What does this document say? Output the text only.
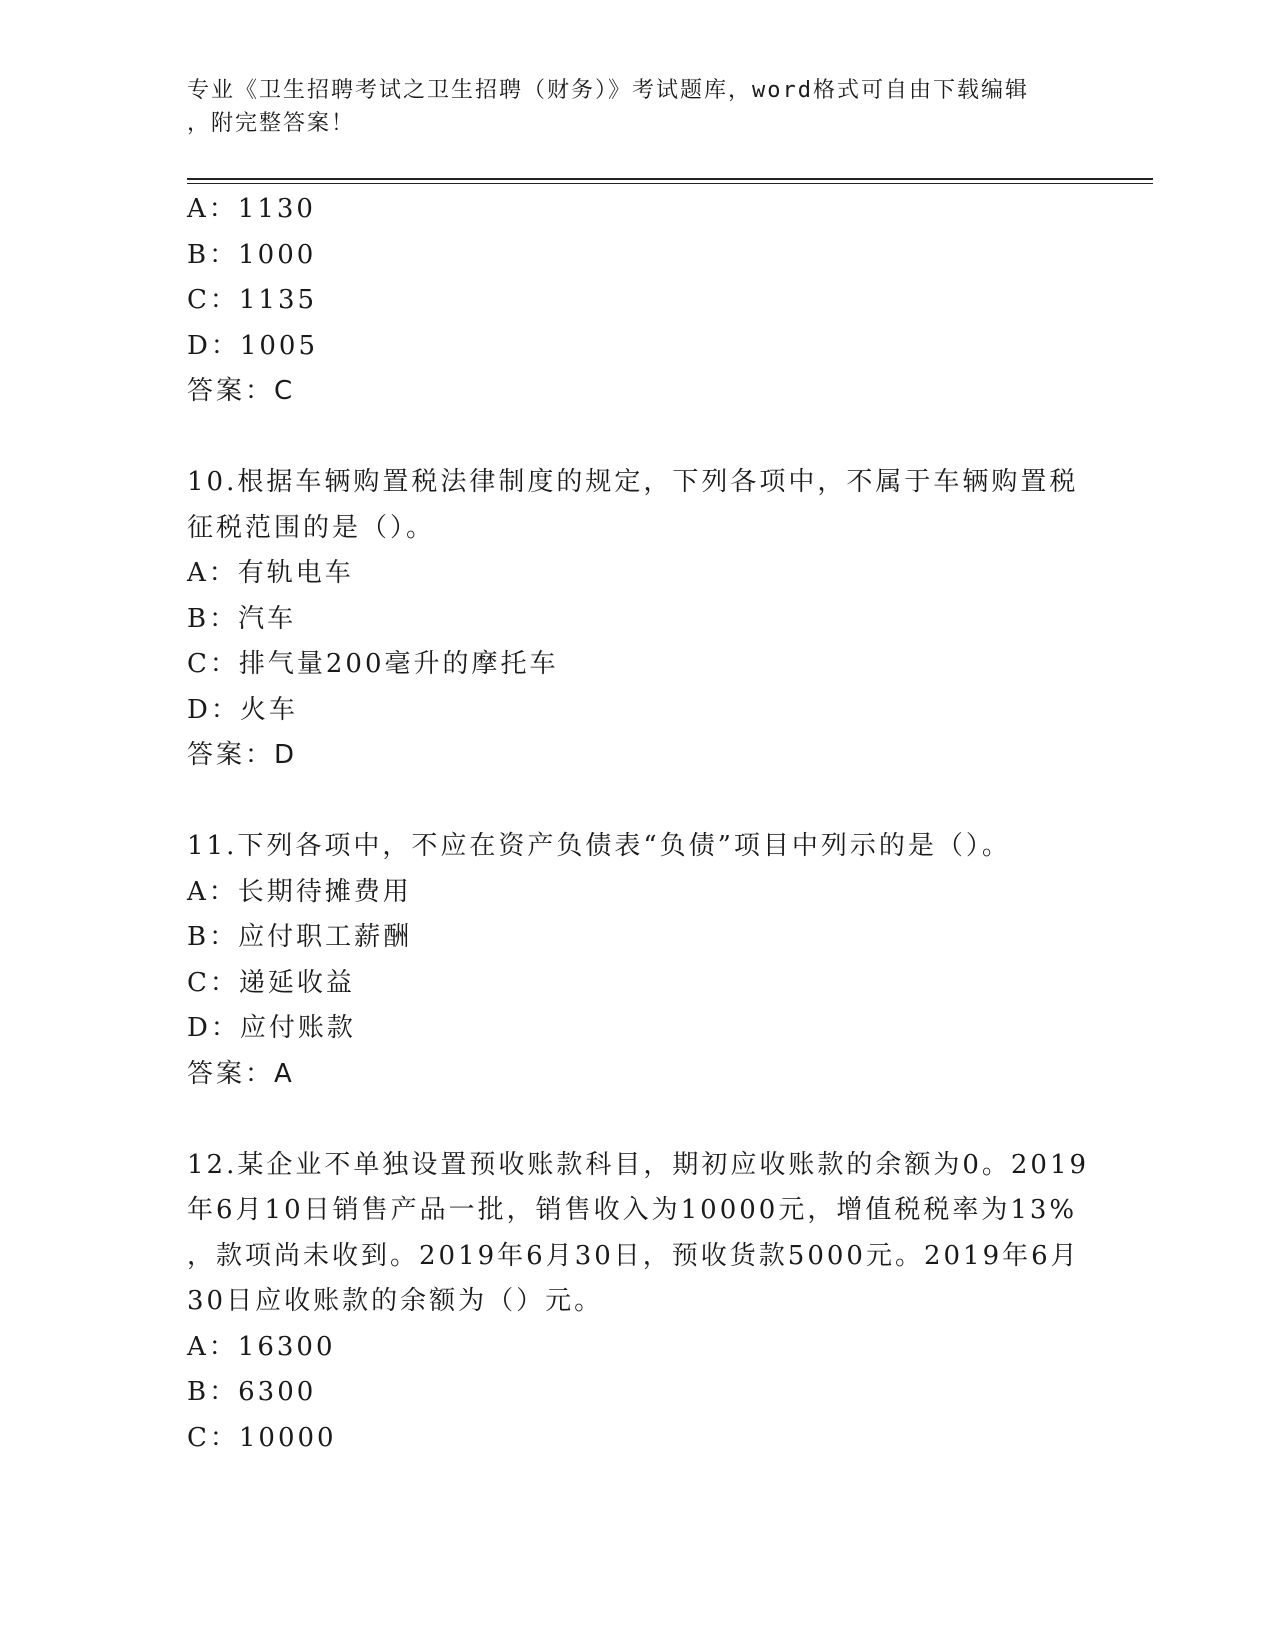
专业《卫生招聘考试之卫生招聘（财务）》考试题库，word格式可自由下载编辑
，附完整答案！
A：1130
B：1000
C：1135
D：1005
答案：C
10.根据车辆购置税法律制度的规定，下列各项中，不属于车辆购置税
征税范围的是（）。
A：有轨电车
B：汽车
C：排气量200毫升的摩托车
D：火车
答案：D
11.下列各项中，不应在资产负债表“负债”项目中列示的是（）。
A：长期待摊费用
B：应付职工薪酬
C：递延收益
D：应付账款
答案：A
12.某企业不单独设置预收账款科目，期初应收账款的余额为0。2019
年6月10日销售产品一批，销售收入为10000元，增值税税率为13%
，款项尚未收到。2019年6月30日，预收货款5000元。2019年6月
30日应收账款的余额为（）元。
A：16300
B：6300
C：10000
